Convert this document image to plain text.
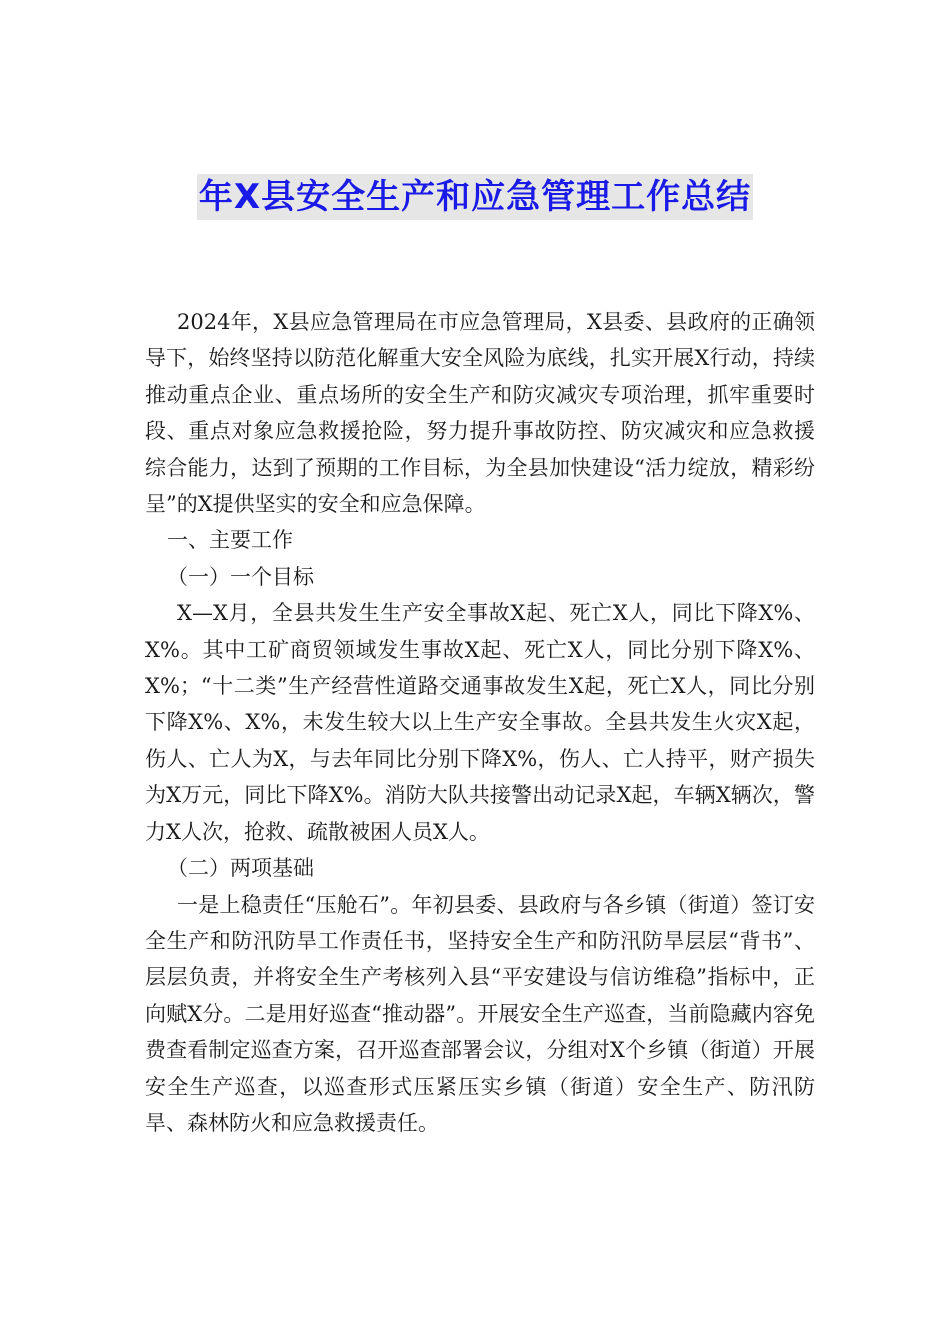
年X县安全生产和应急管理工作总结

2024年，X县应急管理局在市应急管理局，X县委、县政府的正确领导下，始终坚持以防范化解重大安全风险为底线，扎实开展X行动，持续推动重点企业、重点场所的安全生产和防灾减灾专项治理，抓牢重要时段、重点对象应急救援抢险，努力提升事故防控、防灾减灾和应急救援综合能力，达到了预期的工作目标，为全县加快建设“活力绽放，精彩纷呈”的X提供坚实的安全和应急保障。

一、主要工作

（一）一个目标

X—X月，全县共发生生产安全事故X起、死亡X人，同比下降X%、X%。其中工矿商贸领域发生事故X起、死亡X人，同比分别下降X%、X%；“十二类”生产经营性道路交通事故发生X起，死亡X人，同比分别下降X%、X%，未发生较大以上生产安全事故。全县共发生火灾X起，伤人、亡人为X，与去年同比分别下降X%，伤人、亡人持平，财产损失为X万元，同比下降X%。消防大队共接警出动记录X起，车辆X辆次，警力X人次，抢救、疏散被困人员X人。

（二）两项基础

一是上稳责任“压舱石”。年初县委、县政府与各乡镇（街道）签订安全生产和防汛防旱工作责任书，坚持安全生产和防汛防旱层层“背书”、层层负责，并将安全生产考核列入县“平安建设与信访维稳”指标中，正向赋X分。二是用好巡查“推动器”。开展安全生产巡查，当前隐藏内容免费查看制定巡查方案，召开巡查部署会议，分组对X个乡镇（街道）开展安全生产巡查，以巡查形式压紧压实乡镇（街道）安全生产、防汛防旱、森林防火和应急救援责任。
